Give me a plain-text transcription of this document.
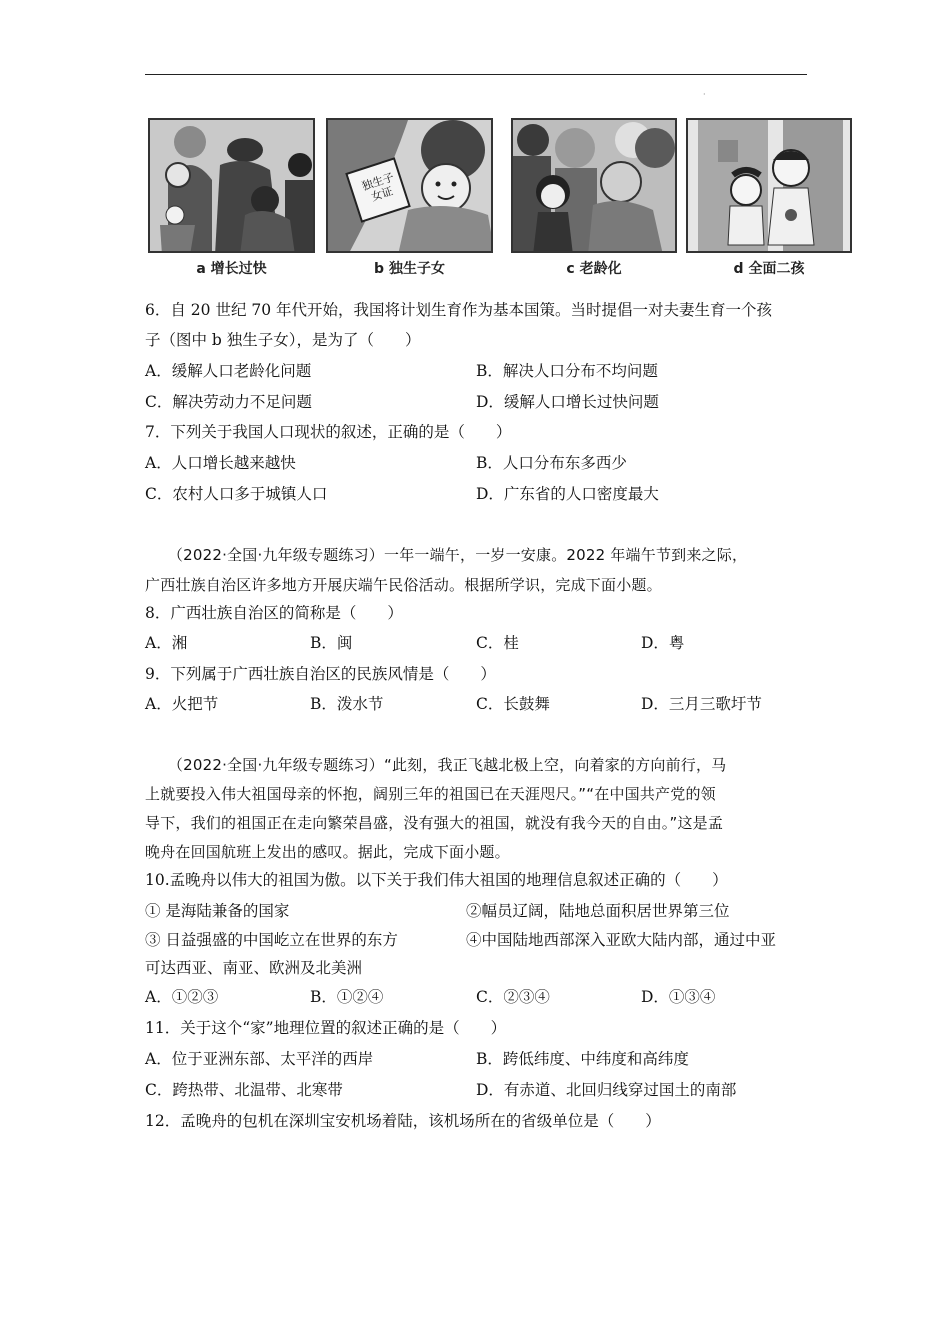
·
a 增长过快
独生子女证
b 独生子女	c 老龄化	d 全面二孩
6．自 20 世纪 70 年代开始，我国将计划生育作为基本国策。当时提倡一对夫妻生育一个孩
子（图中 b 独生子女），是为了（　　）
A．缓解人口老龄化问题	B．解决人口分布不均问题
C．解决劳动力不足问题	D．缓解人口增长过快问题
7．下列关于我国人口现状的叙述，正确的是（　　）
A．人口增长越来越快	B．人口分布东多西少
C．农村人口多于城镇人口	D．广东省的人口密度最大
　　（2022·全国·九年级专题练习）一年一端午，一岁一安康。2022 年端午节到来之际，
广西壮族自治区许多地方开展庆端午民俗活动。根据所学识，完成下面小题。
8．广西壮族自治区的简称是（　　）
A．湘	B．闽	C．桂	D．粤
9．下列属于广西壮族自治区的民族风情是（　　）
A．火把节	B．泼水节	C．长鼓舞	D．三月三歌圩节
　　（2022·全国·九年级专题练习）“此刻，我正飞越北极上空，向着家的方向前行，马
上就要投入伟大祖国母亲的怀抱，阔别三年的祖国已在天涯咫尺。”“在中国共产党的领
导下，我们的祖国正在走向繁荣昌盛，没有强大的祖国，就没有我今天的自由。”这是孟
晚舟在回国航班上发出的感叹。据此，完成下面小题。
10.孟晚舟以伟大的祖国为傲。以下关于我们伟大祖国的地理信息叙述正确的（　　）
① 是海陆兼备的国家	②幅员辽阔，陆地总面积居世界第三位
③ 日益强盛的中国屹立在世界的东方	④中国陆地西部深入亚欧大陆内部，通过中亚
可达西亚、南亚、欧洲及北美洲
A．①②③	B．①②④	C．②③④	D．①③④
11．关于这个“家”地理位置的叙述正确的是（　　）
A．位于亚洲东部、太平洋的西岸	B．跨低纬度、中纬度和高纬度
C．跨热带、北温带、北寒带	D．有赤道、北回归线穿过国土的南部
12．孟晚舟的包机在深圳宝安机场着陆，该机场所在的省级单位是（　　）
